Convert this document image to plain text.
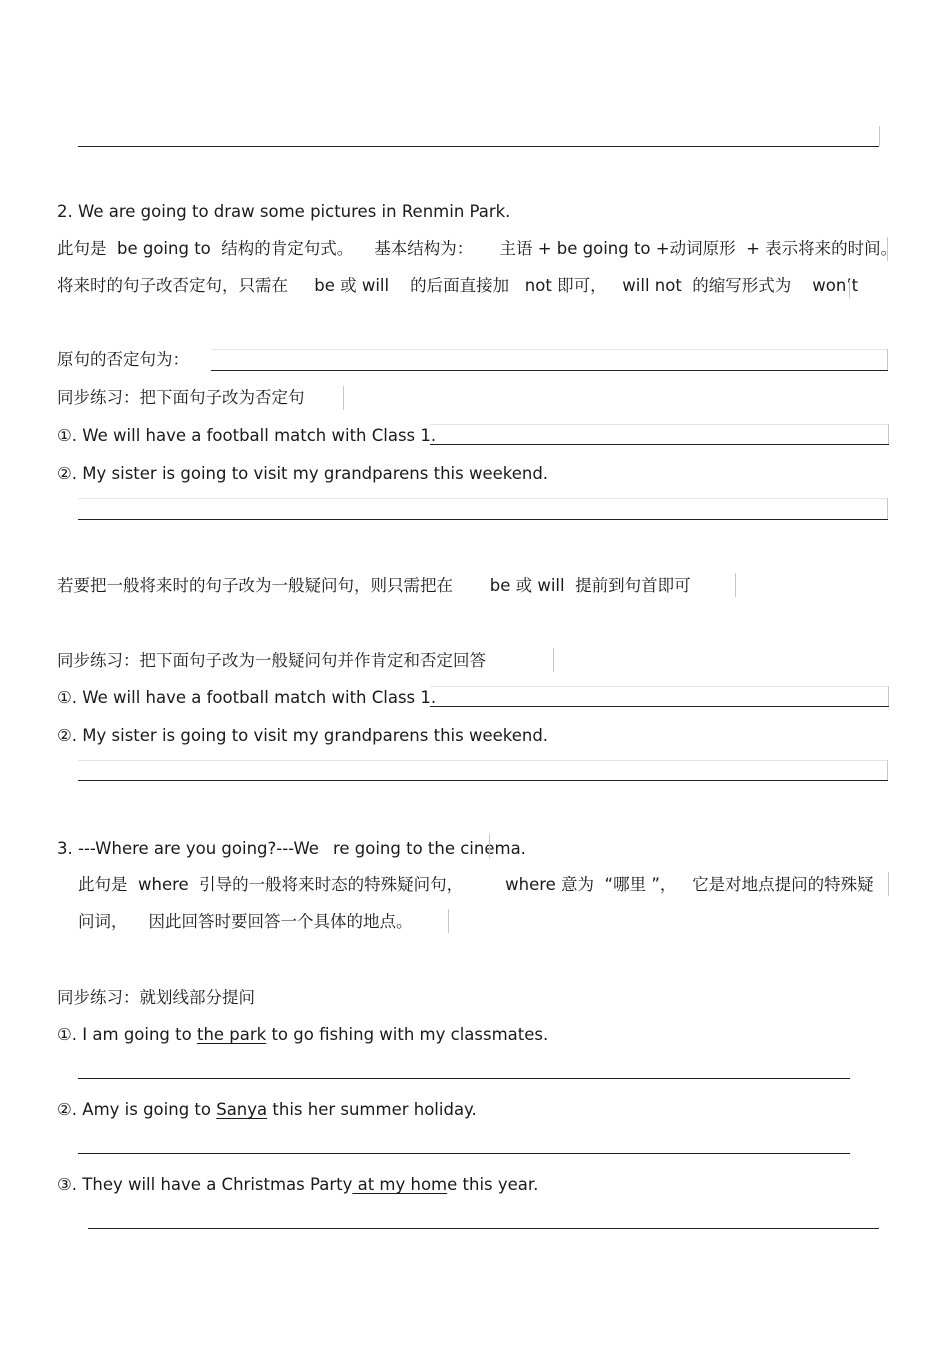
2. We are going to draw some pictures in Renmin Park.
此句是  be going to  结构的肯定句式。    基本结构为：     主语 + be going to +动词原形  + 表示将来的时间。
将来时的句子改否定句，只需在     be 或 will    的后面直接加   not 即可，   will not  的缩写形式为    won’t
原句的否定句为：
同步练习：把下面句子改为否定句
①. We will have a football match with Class 1.
②. My sister is going to visit my grandparens this weekend.
若要把一般将来时的句子改为一般疑问句，则只需把在       be 或 will  提前到句首即可
同步练习：把下面句子改为一般疑问句并作肯定和否定回答
①. We will have a football match with Class 1.
②. My sister is going to visit my grandparens this weekend.
3. ---Where are you going?---We re going to the cinema.
此句是  where  引导的一般将来时态的特殊疑问句，        where 意为  “哪里 ”，   它是对地点提问的特殊疑
问词，    因此回答时要回答一个具体的地点。
同步练习：就划线部分提问
①. I am going to the park to go fishing with my classmates.
②. Amy is going to Sanya this her summer holiday.
③. They will have a Christmas Party at my home this year.
